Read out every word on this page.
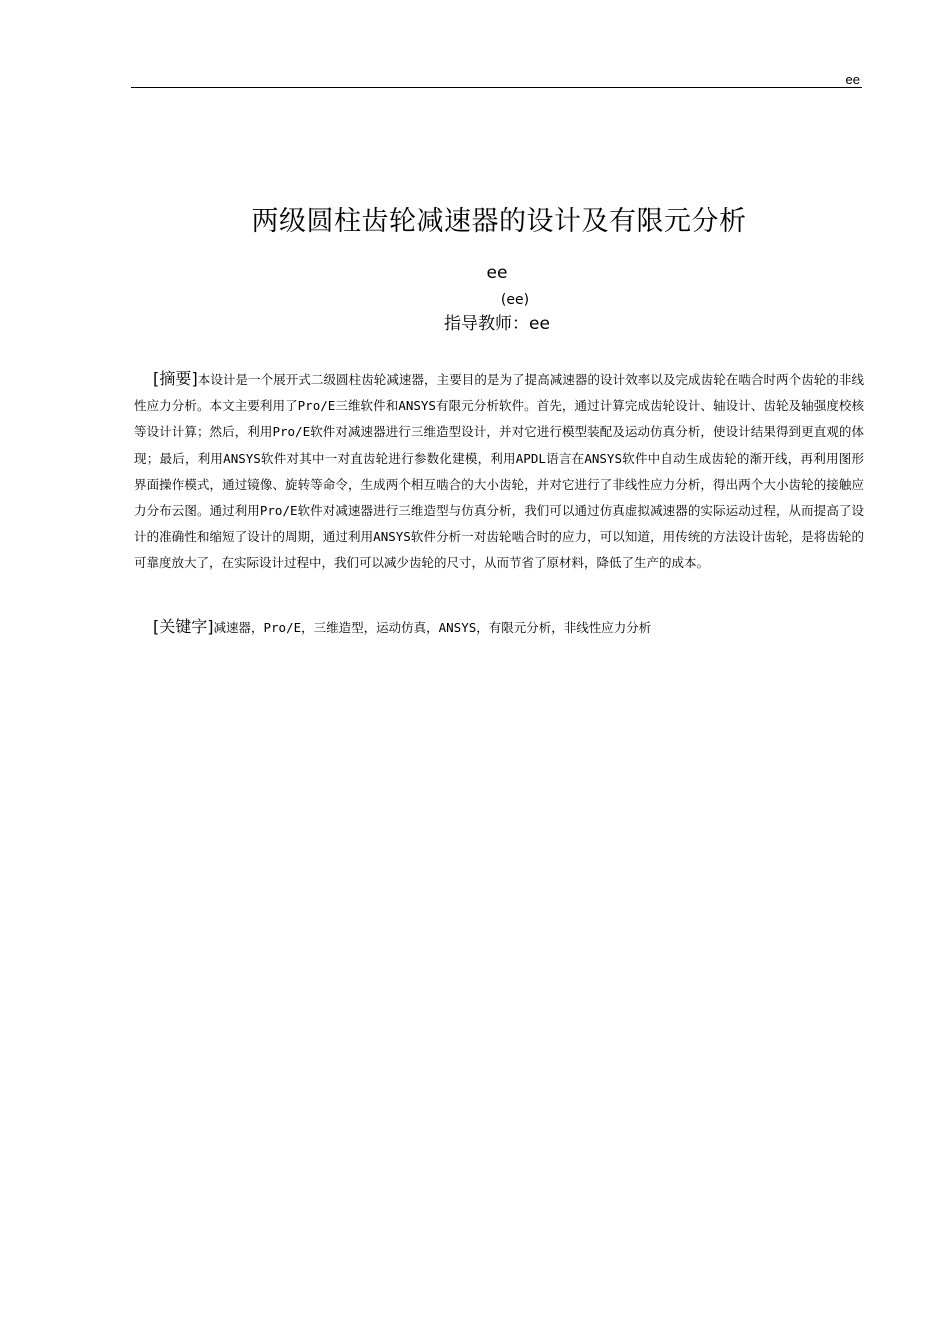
ee
两级圆柱齿轮减速器的设计及有限元分析
ee
(ee)
指导教师：ee

[摘要]本设计是一个展开式二级圆柱齿轮减速器，主要目的是为了提高减速器的设计效率以及完成齿轮在啮合时两个齿轮的非线性应力分析。本文主要利用了Pro/E三维软件和ANSYS有限元分析软件。首先，通过计算完成齿轮设计、轴设计、齿轮及轴强度校核等设计计算；然后，利用Pro/E软件对减速器进行三维造型设计，并对它进行模型装配及运动仿真分析，使设计结果得到更直观的体现；最后，利用ANSYS软件对其中一对直齿轮进行参数化建模，利用APDL语言在ANSYS软件中自动生成齿轮的渐开线，再利用图形界面操作模式，通过镜像、旋转等命令，生成两个相互啮合的大小齿轮，并对它进行了非线性应力分析，得出两个大小齿轮的接触应力分布云图。通过利用Pro/E软件对减速器进行三维造型与仿真分析，我们可以通过仿真虚拟减速器的实际运动过程，从而提高了设计的准确性和缩短了设计的周期，通过利用ANSYS软件分析一对齿轮啮合时的应力，可以知道，用传统的方法设计齿轮，是将齿轮的可靠度放大了，在实际设计过程中，我们可以减少齿轮的尺寸，从而节省了原材料，降低了生产的成本。

[关键字]减速器，Pro/E，三维造型，运动仿真，ANSYS，有限元分析，非线性应力分析
